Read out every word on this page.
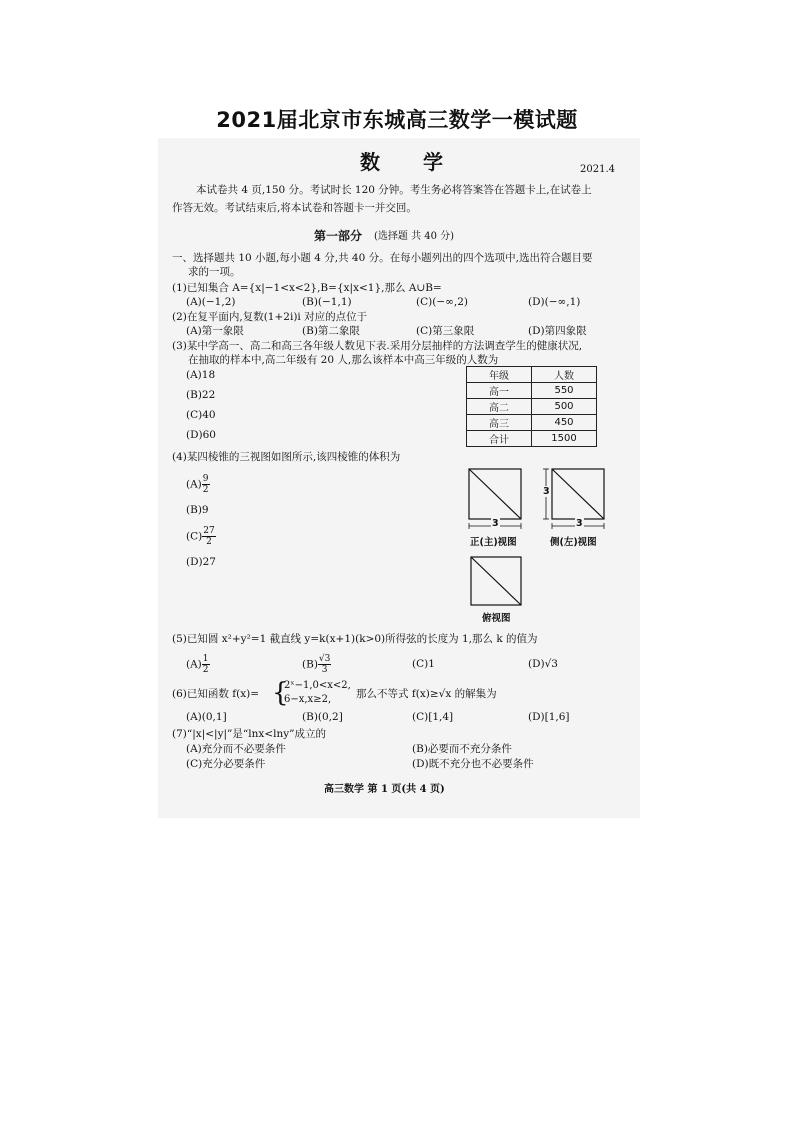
2021届北京市东城高三数学一模试题
数 学	2021.4
本试卷共 4 页,150 分。考试时长 120 分钟。考生务必将答案答在答题卡上,在试卷上
作答无效。考试结束后,将本试卷和答题卡一并交回。
第一部分 (选择题 共 40 分)
一、选择题共 10 小题,每小题 4 分,共 40 分。在每小题列出的四个选项中,选出符合题目要
求的一项。
(1)已知集合 A={x|−1<x<2},B={x|x<1},那么 A∪B=
(A)(−1,2)	(B)(−1,1)	(C)(−∞,2)	(D)(−∞,1)
(2)在复平面内,复数(1+2i)i 对应的点位于
(A)第一象限	(B)第二象限	(C)第三象限	(D)第四象限
(3)某中学高一、高二和高三各年级人数见下表.采用分层抽样的方法调查学生的健康状况,
在抽取的样本中,高二年级有 20 人,那么该样本中高三年级的人数为
(A)18
(B)22
(C)40
(D)60
年级	人数
高一	550
高二	500
高三	450
合计	1500
(4)某四棱锥的三视图如图所示,该四棱锥的体积为
$(A) \frac{9}{2}$
(B)9
$(C) \frac{27}{2}$
(D)27
3
正(主)视图
3
3
侧(左)视图
俯视图
(5)已知圆 x²+y²=1 截直线 y=k(x+1)(k>0)所得弦的长度为 1,那么 k 的值为
$(A) \frac{1}{2}$	$(B) \frac{√3}{3}$	(C)1	(D)√3
(6)已知函数 f(x)= {
2ˣ−1,0<x<2,
6−x,x≥2, 那么不等式 f(x)≥√x 的解集为
(A)(0,1]	(B)(0,2]	(C)[1,4]	(D)[1,6]
(7)“|x|<|y|”是“lnx<lny”成立的
(A)充分而不必要条件	(B)必要而不充分条件
(C)充分必要条件	(D)既不充分也不必要条件
高三数学 第 1 页(共 4 页)
